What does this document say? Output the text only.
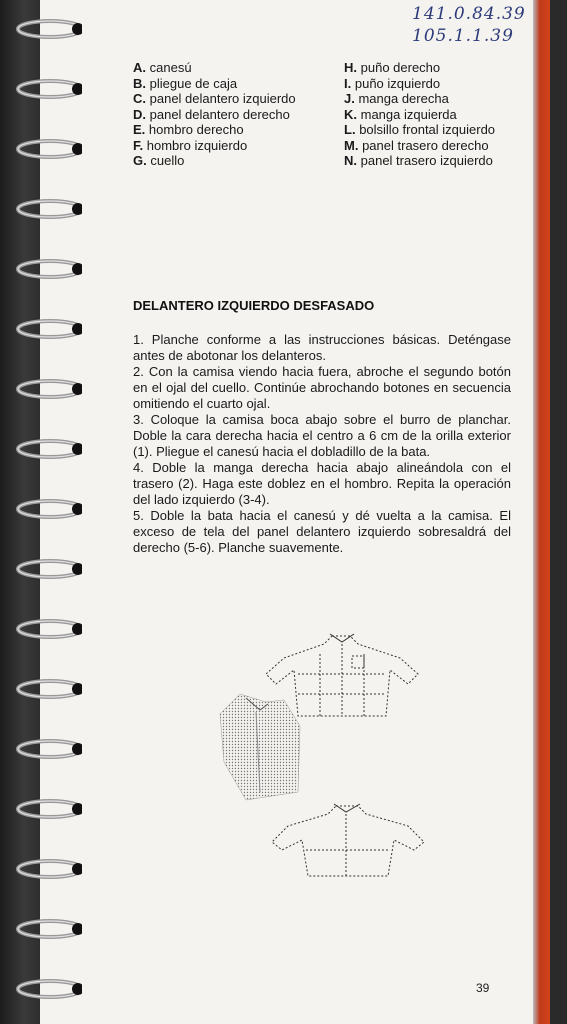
141.0.84.39
105.1.1.39
A. canesú
B. pliegue de caja
C. panel delantero izquierdo
D. panel delantero derecho
E. hombro derecho
F. hombro izquierdo
G. cuello
H. puño derecho
I. puño izquierdo
J. manga derecha
K. manga izquierda
L. bolsillo frontal izquierdo
M. panel trasero derecho
N. panel trasero izquierdo
DELANTERO IZQUIERDO DESFASADO

1. Planche conforme a las instrucciones básicas. Deténgase antes de abotonar los delanteros.

2. Con la camisa viendo hacia fuera, abroche el segundo botón en el ojal del cuello. Continúe abrochando botones en secuencia omitiendo el cuarto ojal.

3. Coloque la camisa boca abajo sobre el burro de planchar. Doble la cara derecha hacia el centro a 6 cm de la orilla exterior (1). Pliegue el canesú hacia el dobladillo de la bata.

4. Doble la manga derecha hacia abajo alineándola con el trasero (2). Haga este doblez en el hombro. Repita la operación del lado izquierdo (3-4).

5. Doble la bata hacia el canesú y dé vuelta a la camisa. El exceso de tela del panel delantero izquierdo sobresaldrá del derecho (5-6). Planche suavemente.

39
